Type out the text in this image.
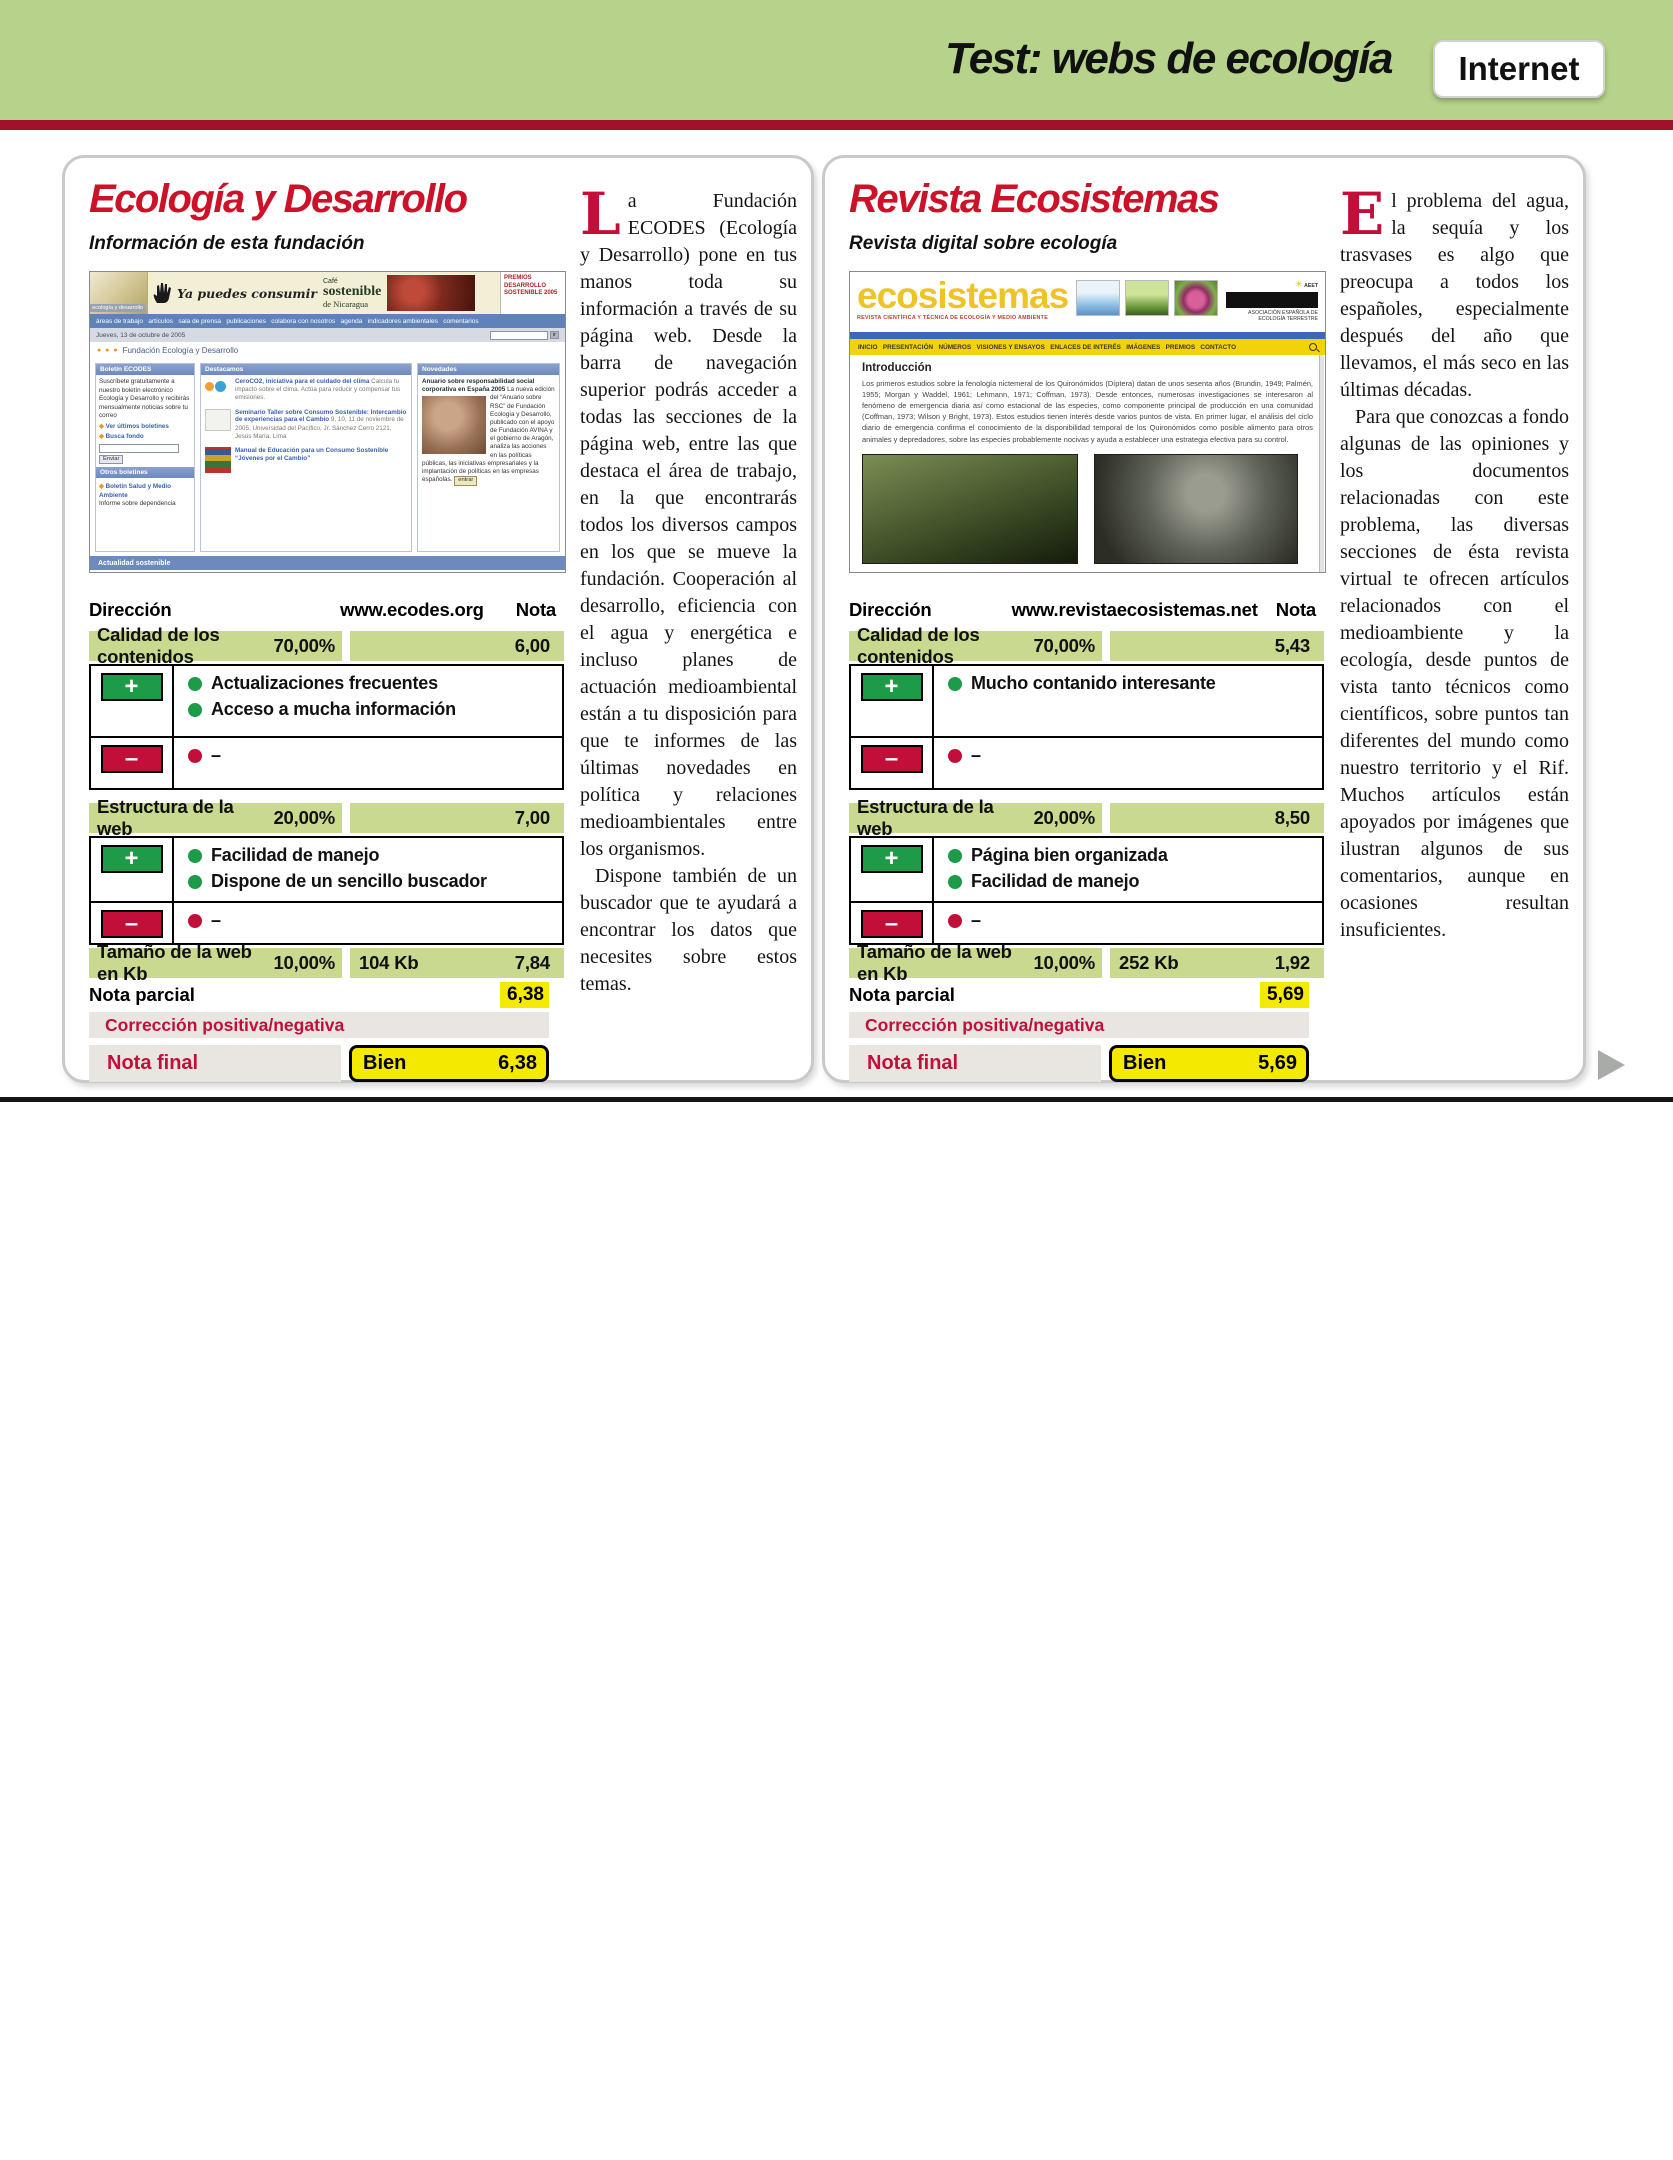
Test: webs de ecología Internet
Ecología y Desarrollo
Información de esta fundación
ecología y desarrollo
Ya puedes consumir
Café
sostenible
de Nicaragua
PREMIOS DESARROLLO SOSTENIBLE 2005
áreas de trabajo   artículos   sala de prensa   publicaciones   colabora con nosotros   agenda   indicadores ambientales   comentarios
Jueves, 13 de octubre de 2005	ir
● ● ● Fundación Ecología y Desarrollo
Boletín ECODES
Suscríbete gratuitamente a nuestro boletín electrónico Ecología y Desarrollo y recibirás mensualmente noticias sobre tu correo
◆ Ver últimos boletines
◆ Busca fondo
Enviar
Otros boletines
◆ Boletín Salud y Medio Ambiente
Informe sobre dependencia
Destacamos
CeroCO2, iniciativa para el cuidado del clima Calcula tu impacto sobre el clima. Actúa para reducir y compensar tus emisiones.
Seminario Taller sobre Consumo Sostenible: Intercambio de experiencias para el Cambio 9, 10, 11 de noviembre de 2005. Universidad del Pacífico, Jr. Sánchez Cerro 2121, Jesús María, Lima
Manual de Educación para un Consumo Sostenible “Jóvenes por el Cambio”
Novedades
Anuario sobre responsabilidad social corporativa en España 2005 La nueva edición del “Anuario sobre RSC” de Fundación Ecología y Desarrollo, publicado con el apoyo de Fundación AVINA y el gobierno de Aragón, analiza las acciones en las políticas públicas, las iniciativas empresariales y la implantación de políticas en las empresas españolas. entrar
Actualidad sostenible
Dirección	www.ecodes.org Nota
Calidad de los contenidos
70,00%	6,00
+	Actualizaciones frecuentes
Acceso a mucha información
–	–
Estructura de la web
20,00%	7,00
+	Facilidad de manejo
Dispone de un sencillo buscador
–	–
Tamaño de la web en Kb
10,00% 104 Kb	7,84
Nota parcial	6,38
Corrección positiva/negativa
Nota final	Bien	6,38

La Fundación ECODES (Ecología y Desarrollo) pone en tus manos toda su información a través de su página web. Desde la barra de navegación superior podrás acceder a todas las secciones de la página web, entre las que destaca el área de trabajo, en la que encontrarás todos los diversos campos en los que se mueve la fundación. Cooperación al desarrollo, eficiencia con el agua y energética e incluso planes de actuación medioambiental están a tu disposición para que te informes de las últimas novedades en política y relaciones medioambientales entre los organismos.

Dispone también de un buscador que te ayudará a encontrar los datos que necesites sobre estos temas.

Revista Ecosistemas
Revista digital sobre ecología
ecosistemas
REVISTA CIENTÍFICA Y TÉCNICA DE ECOLOGÍA Y MEDIO AMBIENTE
☀ AEET
ASOCIACIÓN ESPAÑOLA DE ECOLOGÍA TERRESTRE
INICIO   PRESENTACIÓN   NÚMEROS   VISIONES Y ENSAYOS   ENLACES DE INTERÉS   IMÁGENES   PREMIOS   CONTACTO
Introducción
Los primeros estudios sobre la fenología nictemeral de los Quironómidos (Díptera) datan de unos sesenta años (Brundin, 1949; Palmén, 1955; Morgan y Waddel, 1961; Lehmann, 1971; Coffman, 1973). Desde entonces, numerosas investigaciones se interesaron al fenómeno de emergencia diaria así como estacional de las especies, como componente principal de producción en una comunidad (Coffman, 1973; Wilson y Bright, 1973). Estos estudios tienen interés desde varios puntos de vista. En primer lugar, el análisis del ciclo diario de emergencia confirma el conocimiento de la disponibilidad temporal de los Quironómidos como posible alimento para otros animales y depredadores, sobre las especies probablemente nocivas y ayuda a establecer una estrategia efectiva para su control.
Dirección	www.revistaecosistemas.net Nota
Calidad de los contenidos
70,00%	5,43
+	Mucho contanido interesante
–	–
Estructura de la web
20,00%	8,50
+	Página bien organizada
Facilidad de manejo
–	–
Tamaño de la web en Kb
10,00% 252 Kb	1,92
Nota parcial	5,69
Corrección positiva/negativa
Nota final	Bien	5,69

El problema del agua, la sequía y los trasvases es algo que preocupa a todos los españoles, especialmente después del año que llevamos, el más seco en las últimas décadas.

Para que conozcas a fondo algunas de las opiniones y los documentos relacionadas con este problema, las diversas secciones de ésta revista virtual te ofrecen artículos relacionados con el medioambiente y la ecología, desde puntos de vista tanto técnicos como científicos, sobre puntos tan diferentes del mundo como nuestro territorio y el Rif. Muchos artículos están apoyados por imágenes que ilustran algunos de sus comentarios, aunque en ocasiones resultan insuficientes.
